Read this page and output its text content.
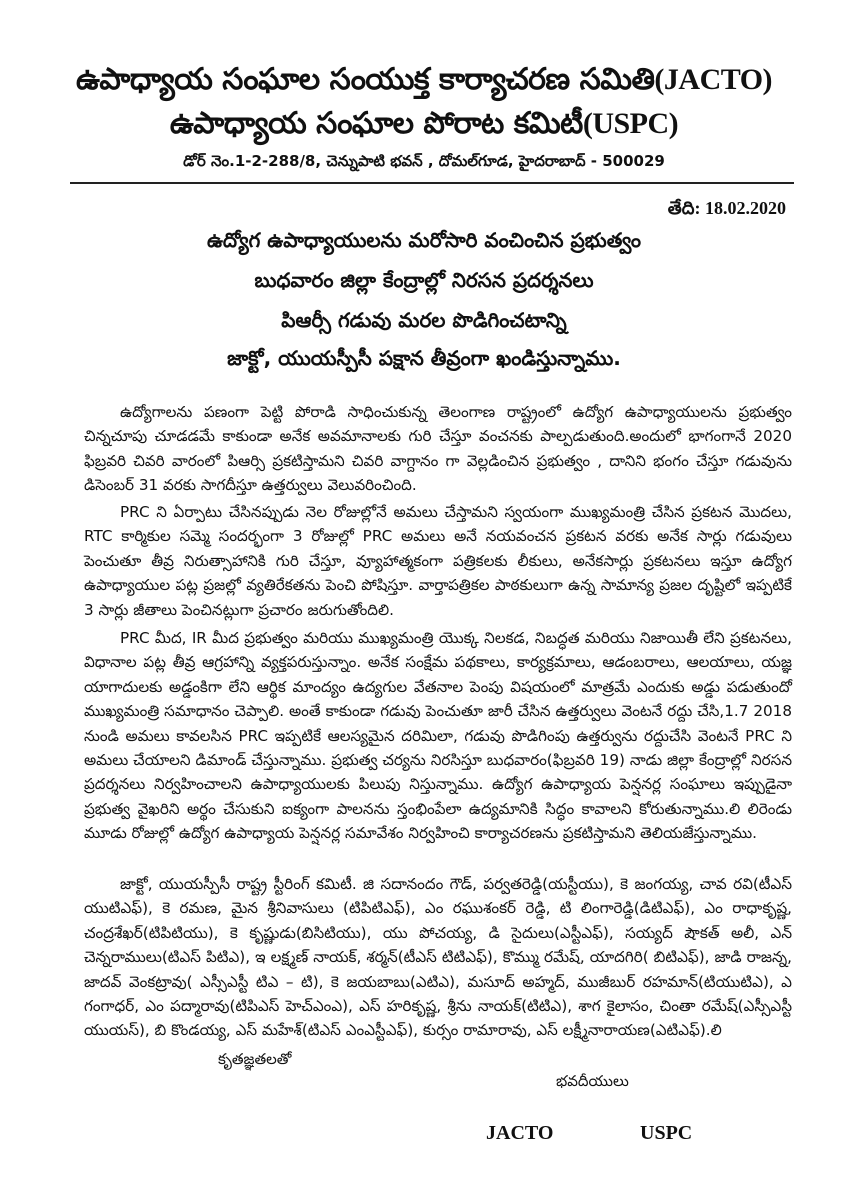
ఉపాధ్యాయ సంఘాల సంయుక్త కార్యాచరణ సమితి(JACTO)
ఉపాధ్యాయ సంఘాల పోరాట కమిటీ(USPC)
డోర్ నెం.1-2-288/8, చెన్నుపాటి భవన్ , దోమల్‌గూడ, హైదరాబాద్ - 500029
తేది: 18.02.2020
ఉద్యోగ ఉపాధ్యాయులను మరోసారి వంచించిన ప్రభుత్వం
బుధవారం జిల్లా కేంద్రాల్లో నిరసన ప్రదర్శనలు
పిఆర్సీ గడువు మరల పొడిగించటాన్ని
జాక్టో, యుయస్పీసీ పక్షాన తీవ్రంగా ఖండిస్తున్నాము.

ఉద్యోగాలను పణంగా పెట్టి పోరాడి సాధించుకున్న తెలంగాణ రాష్ట్రంలో ఉద్యోగ ఉపాధ్యాయులను ప్రభుత్వం చిన్నచూపు చూడడమే కాకుండా అనేక అవమానాలకు గురి చేస్తూ వంచనకు పాల్పడుతుంది.అందులో భాగంగానే 2020 ఫిబ్రవరి చివరి వారంలో పిఆర్సి ప్రకటిస్తామని చివరి వాగ్దానం గా వెల్లడించిన ప్రభుత్వం , దానిని భంగం చేస్తూ గడువును డిసెంబర్ 31 వరకు సాగదీస్తూ ఉత్తర్వులు వెలువరించింది.

PRC ని ఏర్పాటు చేసినప్పుడు నెల రోజుల్లోనే అమలు చేస్తామని స్వయంగా ముఖ్యమంత్రి చేసిన ప్రకటన మొదలు, RTC కార్మికుల సమ్మె సందర్భంగా 3 రోజుల్లో PRC అమలు అనే నయవంచన ప్రకటన వరకు అనేక సార్లు గడువులు పెంచుతూ తీవ్ర నిరుత్సాహానికి గురి చేస్తూ, వ్యూహాత్మకంగా పత్రికలకు లీకులు, అనేకసార్లు ప్రకటనలు ఇస్తూ ఉద్యోగ ఉపాధ్యాయుల పట్ల ప్రజల్లో వ్యతిరేకతను పెంచి పోషిస్తూ. వార్తాపత్రికల పాఠకులుగా ఉన్న సామాన్య ప్రజల దృష్టిలో ఇప్పటికే 3 సార్లు జీతాలు పెంచినట్లుగా ప్రచారం జరుగుతోందిలి.

PRC మీద, IR మీద ప్రభుత్వం మరియు ముఖ్యమంత్రి యొక్క నిలకడ, నిబద్ధత మరియు నిజాయితీ లేని ప్రకటనలు, విధానాల పట్ల తీవ్ర ఆగ్రహాన్ని వ్యక్తపరుస్తున్నాం. అనేక సంక్షేమ పథకాలు, కార్యక్రమాలు, ఆడంబరాలు, ఆలయాలు, యజ్ఞ యాగాదులకు అడ్డంకిగా లేని ఆర్థిక మాంద్యం ఉద్యగుల వేతనాల పెంపు విషయంలో మాత్రమే ఎందుకు అడ్డు పడుతుందో ముఖ్యమంత్రి సమాధానం చెప్పాలి. అంతే కాకుండా గడువు పెంచుతూ జారీ చేసిన ఉత్తర్వులు వెంటనే రద్దు చేసి,1.7 2018 నుండి అమలు కావలసిన PRC ఇప్పటికే ఆలస్యమైన దరిమిలా, గడువు పొడిగింపు ఉత్తర్వును రద్దుచేసి వెంటనే PRC ని అమలు చేయాలని డిమాండ్ చేస్తున్నాము. ప్రభుత్వ చర్యను నిరసిస్తూ బుధవారం(ఫిబ్రవరి 19) నాడు జిల్లా కేంద్రాల్లో నిరసన ప్రదర్శనలు నిర్వహించాలని ఉపాధ్యాయులకు పిలుపు నిస్తున్నాము. ఉద్యోగ ఉపాధ్యాయ పెన్షనర్ల సంఘాలు ఇప్పుడైనా ప్రభుత్వ వైఖరిని అర్థం చేసుకుని ఐక్యంగా పాలనను స్తంభింపేలా ఉద్యమానికి సిద్ధం కావాలని కోరుతున్నాము.లి లిరెండు మూడు రోజుల్లో ఉద్యోగ ఉపాధ్యాయ పెన్షనర్ల సమావేశం నిర్వహించి కార్యాచరణను ప్రకటిస్తామని తెలియజేస్తున్నాము.

జాక్టో, యుయస్పీసీ రాష్ట్ర స్టీరింగ్ కమిటీ. జి సదానందం గౌడ్, పర్వతరెడ్డి(యస్టీయు), కె జంగయ్య, చావ రవి(టీఎస్ యుటిఎఫ్), కె రమణ, మైన శ్రీనివాసులు (టిపిటిఎఫ్), ఎం రఘుశంకర్ రెడ్డి, టి లింగారెడ్డి(డిటిఎఫ్), ఎం రాధాకృష్ణ, చంద్రశేఖర్(టిపిటియు), కె కృష్ణుడు(బిసిటియు), యు పోచయ్య, డి సైదులు(ఎస్టీఎఫ్), సయ్యద్ షౌకత్ అలీ, ఎన్ చెన్నరాములు(టిఎస్ పిటిఎ), ఇ లక్ష్మణ్ నాయక్, శర్మన్(టీఎస్ టిటిఎఫ్), కొమ్ము రమేష్, యాదగిరి( బిటిఎఫ్), జాడి రాజన్న, జాదవ్ వెంకట్రావు( ఎస్సీఎస్టీ టిఎ – టి), కె జయబాబు(ఎటిఎ), మసూద్ అహ్మద్, ముజీబుర్ రహమాన్(టియుటిఎ), ఎ గంగాధర్, ఎం పద్మారావు(టిపిఎస్ హెచ్ఎంఎ), ఎస్ హరికృష్ణ, శ్రీను నాయక్(టిటిఎ), శాగ కైలాసం, చింతా రమేష్(ఎస్సీఎస్టీ యుయస్), బి కొండయ్య, ఎస్ మహేశ్(టిఎస్ ఎంఎస్టీఎఫ్), కుర్సం రామారావు, ఎస్ లక్ష్మీనారాయణ(ఎటిఎఫ్).లి

కృతజ్ఞతలతో
భవదీయులు
JACTO	USPC
